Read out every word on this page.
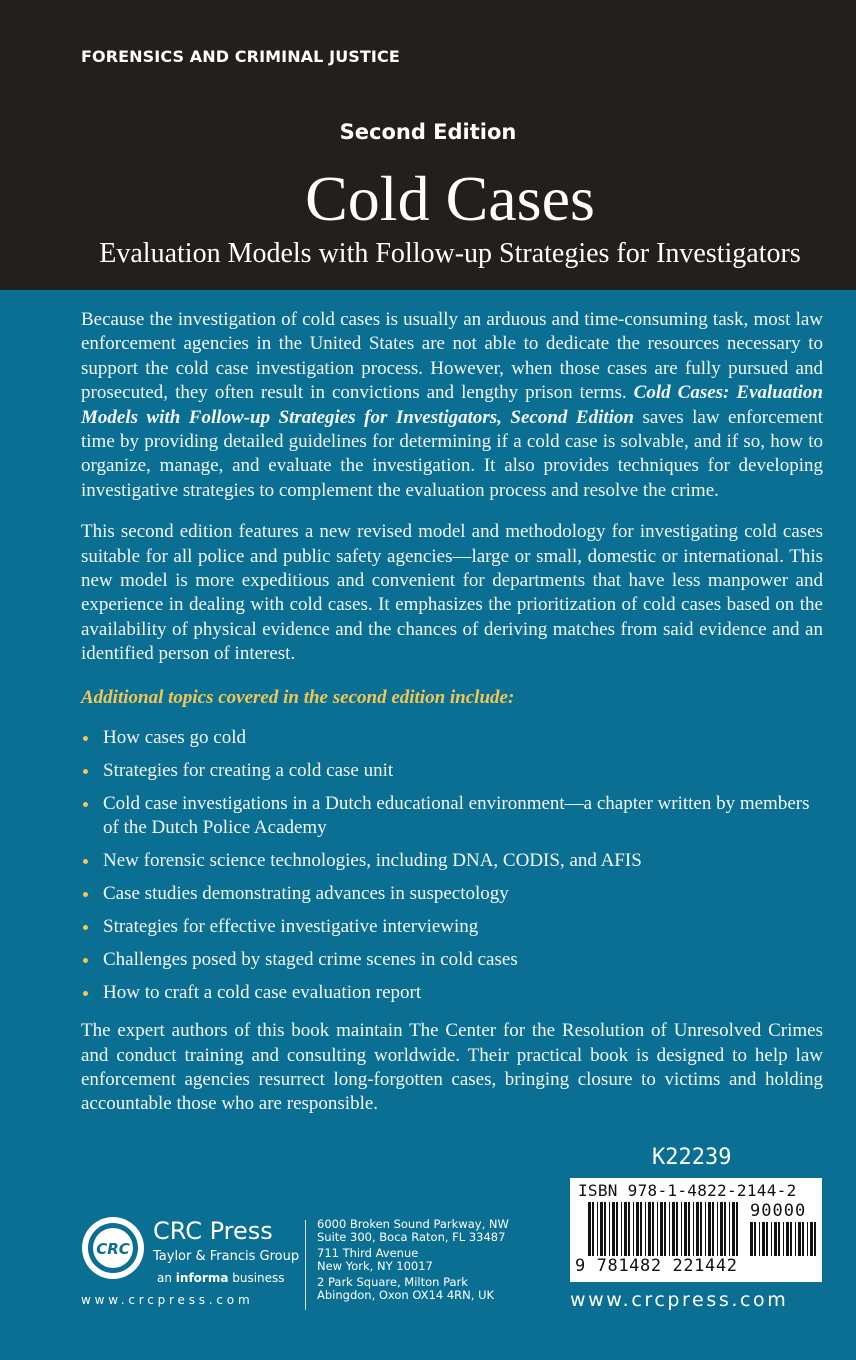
FORENSICS AND CRIMINAL JUSTICE
Second Edition
Cold Cases
Evaluation Models with Follow-up Strategies for Investigators

Because the investigation of cold cases is usually an arduous and time-consuming task, most law enforcement agencies in the United States are not able to dedicate the resources necessary to support the cold case investigation process. However, when those cases are fully pursued and prosecuted, they often result in convictions and lengthy prison terms. Cold Cases: Evaluation Models with Follow-up Strategies for Investigators, Second Edition saves law enforcement time by providing detailed guidelines for determining if a cold case is solvable, and if so, how to organize, manage, and evaluate the investigation. It also provides techniques for developing investigative strategies to complement the evaluation process and resolve the crime.

This second edition features a new revised model and methodology for investigating cold cases suitable for all police and public safety agencies—large or small, domestic or international. This new model is more expeditious and convenient for departments that have less manpower and experience in dealing with cold cases. It emphasizes the prioritization of cold cases based on the availability of physical evidence and the chances of deriving matches from said evidence and an identified person of interest.

Additional topics covered in the second edition include:

How cases go cold
Strategies for creating a cold case unit
Cold case investigations in a Dutch educational environment—a chapter written by members of the Dutch Police Academy
New forensic science technologies, including DNA, CODIS, and AFIS
Case studies demonstrating advances in suspectology
Strategies for effective investigative interviewing
Challenges posed by staged crime scenes in cold cases
How to craft a cold case evaluation report

The expert authors of this book maintain The Center for the Resolution of Unresolved Crimes and conduct training and consulting worldwide. Their practical book is designed to help law enforcement agencies resurrect long-forgotten cases, bringing closure to victims and holding accountable those who are responsible.

CRC
CRC Press
Taylor & Francis Group
an informa business
www.crcpress.com
6000 Broken Sound Parkway, NW
Suite 300, Boca Raton, FL 33487
711 Third Avenue
New York, NY 10017
2 Park Square, Milton Park
Abingdon, Oxon OX14 4RN, UK
K22239
ISBN 978-1-4822-2144-2
90000
9 781482 221442
www.crcpress.com
